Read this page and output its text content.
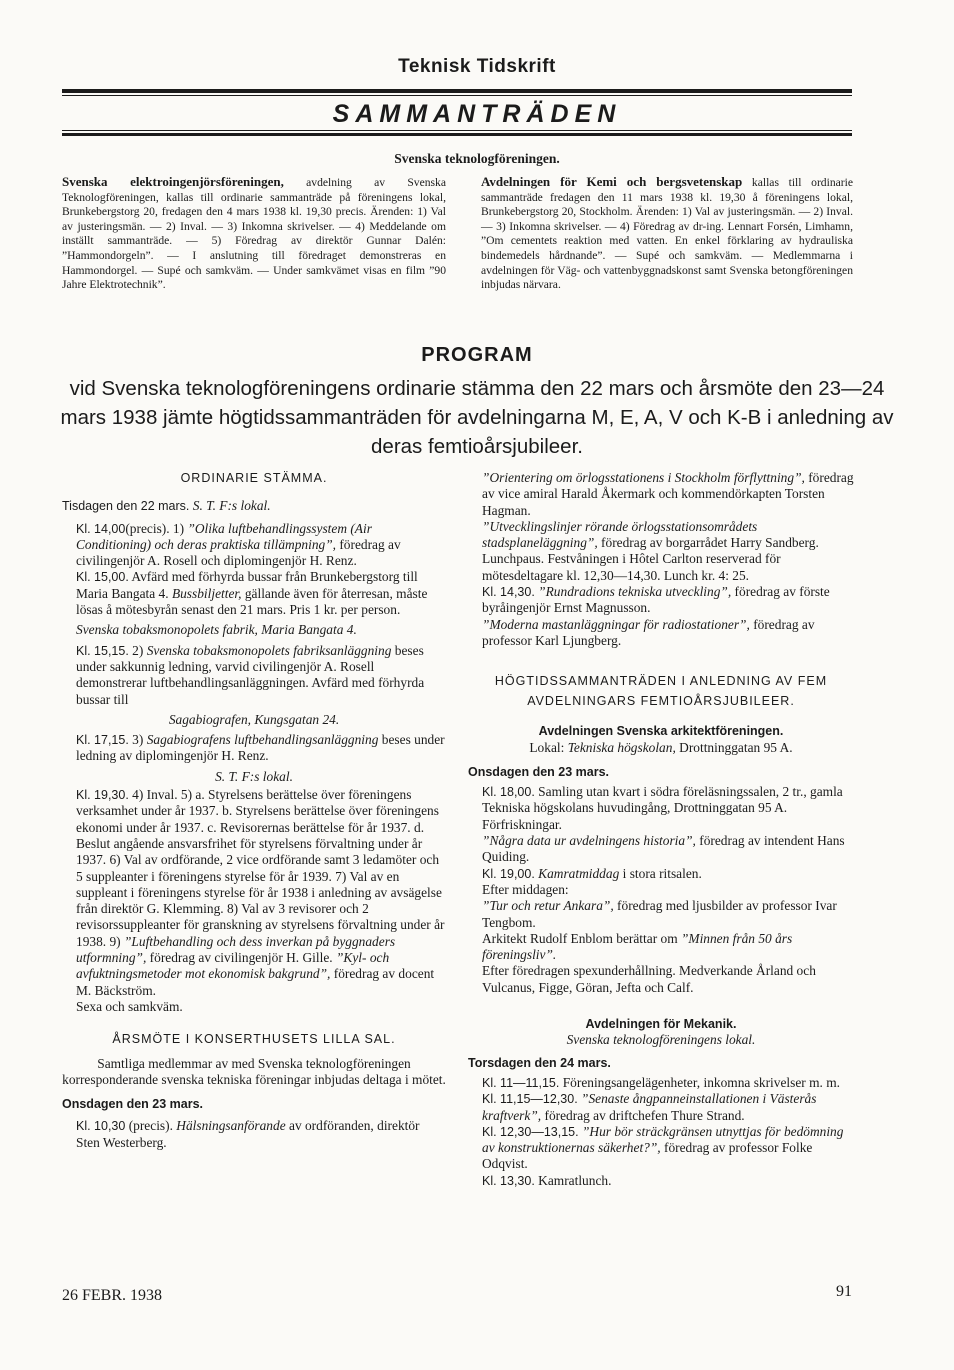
Teknisk Tidskrift
SAMMANTRÄDEN
Svenska teknologföreningen.
Svenska elektroingenjörsföreningen, avdelning av Svenska Teknologföreningen, kallas till ordinarie sammanträde på föreningens lokal, Brunkebergstorg 20, fredagen den 4 mars 1938 kl. 19,30 precis. Ärenden: 1) Val av justeringsmän. — 2) Inval. — 3) Inkomna skrivelser. — 4) Meddelande om inställt sammanträde. — 5) Föredrag av direktör Gunnar Dalén: ”Hammondorgeln”. — I anslutning till föredraget demonstreras en Hammondorgel. — Supé och samkväm. — Under samkvämet visas en film ”90 Jahre Elektrotechnik”.
Avdelningen för Kemi och bergsvetenskap kallas till ordinarie sammanträde fredagen den 11 mars 1938 kl. 19,30 å föreningens lokal, Brunkebergstorg 20, Stockholm. Ärenden: 1) Val av justeringsmän. — 2) Inval. — 3) Inkomna skrivelser. — 4) Föredrag av dr-ing. Lennart Forsén, Limhamn, ”Om cementets reaktion med vatten. En enkel förklaring av hydrauliska bindemedels hårdnande”. — Supé och samkväm. — Medlemmarna i avdelningen för Väg- och vattenbyggnadskonst samt Svenska betongföreningen inbjudas närvara.
PROGRAM
vid Svenska teknologföreningens ordinarie stämma den 22 mars och årsmöte den 23—24 mars 1938 jämte högtidssammanträden för avdelningarna M, E, A, V och K-B i anledning av deras femtioårsjubileer.

ORDINARIE STÄMMA.

Tisdagen den 22 mars. S. T. F:s lokal.

Kl. 14,00(precis). 1) ”Olika luftbehandlingssystem (Air Conditioning) och deras praktiska tillämpning”, föredrag av civilingenjör A. Rosell och diplomingenjör H. Renz.

Kl. 15,00. Avfärd med förhyrda bussar från Brunkebergstorg till Maria Bangata 4. Bussbiljetter, gällande även för återresan, måste lösas å mötesbyrån senast den 21 mars. Pris 1 kr. per person.

Svenska tobaksmonopolets fabrik, Maria Bangata 4.

Kl. 15,15. 2) Svenska tobaksmonopolets fabriksanläggning beses under sakkunnig ledning, varvid civilingenjör A. Rosell demonstrerar luftbehandlingsanläggningen. Avfärd med förhyrda bussar till

Sagabiografen, Kungsgatan 24.

Kl. 17,15. 3) Sagabiografens luftbehandlingsanläggning beses under ledning av diplomingenjör H. Renz.

S. T. F:s lokal.

Kl. 19,30. 4) Inval. 5) a. Styrelsens berättelse över föreningens verksamhet under år 1937. b. Styrelsens berättelse över föreningens ekonomi under år 1937. c. Revisorernas berättelse för år 1937. d. Beslut angående ansvarsfrihet för styrelsens förvaltning under år 1937. 6) Val av ordförande, 2 vice ordförande samt 3 ledamöter och 5 suppleanter i föreningens styrelse för år 1939. 7) Val av en suppleant i föreningens styrelse för år 1938 i anledning av avsägelse från direktör G. Klemming. 8) Val av 3 revisorer och 2 revisorssuppleanter för granskning av styrelsens förvaltning under år 1938. 9) ”Luftbehandling och dess inverkan på byggnaders utformning”, föredrag av civilingenjör H. Gille. ”Kyl- och avfuktningsmetoder mot ekonomisk bakgrund”, föredrag av docent M. Bäckström.

Sexa och samkväm.

ÅRSMÖTE I KONSERTHUSETS LILLA SAL.

Samtliga medlemmar av med Svenska teknologföreningen korresponderande svenska tekniska föreningar inbjudas deltaga i mötet.

Onsdagen den 23 mars.

Kl. 10,30 (precis). Hälsningsanförande av ordföranden, direktör Sten Westerberg.

”Orientering om örlogsstationens i Stockholm förflyttning”, föredrag av vice amiral Harald Åkermark och kommendörkapten Torsten Hagman.

”Utvecklingslinjer rörande örlogsstationsområdets stadsplaneläggning”, föredrag av borgarrådet Harry Sandberg.

Lunchpaus. Festvåningen i Hôtel Carlton reserverad för mötesdeltagare kl. 12,30—14,30. Lunch kr. 4: 25.

Kl. 14,30. ”Rundradions tekniska utveckling”, föredrag av förste byråingenjör Ernst Magnusson.

”Moderna mastanläggningar för radiostationer”, föredrag av professor Karl Ljungberg.

HÖGTIDSSAMMANTRÄDEN I ANLEDNING AV FEM AVDELNINGARS FEMTIOÅRSJUBILEER.

Avdelningen Svenska arkitektföreningen.

Lokal: Tekniska högskolan, Drottninggatan 95 A.

Onsdagen den 23 mars.

Kl. 18,00. Samling utan kvart i södra föreläsningssalen, 2 tr., gamla Tekniska högskolans huvudingång, Drottninggatan 95 A.

Förfriskningar.

”Några data ur avdelningens historia”, föredrag av intendent Hans Quiding.

Kl. 19,00. Kamratmiddag i stora ritsalen.

Efter middagen:

”Tur och retur Ankara”, föredrag med ljusbilder av professor Ivar Tengbom.

Arkitekt Rudolf Enblom berättar om ”Minnen från 50 års föreningsliv”.

Efter föredragen spexunderhållning. Medverkande Årland och Vulcanus, Figge, Göran, Jefta och Calf.

Avdelningen för Mekanik.

Svenska teknologföreningens lokal.

Torsdagen den 24 mars.

Kl. 11—11,15. Föreningsangelägenheter, inkomna skrivelser m. m.

Kl. 11,15—12,30. ”Senaste ångpanneinstallationen i Västerås kraftverk”, föredrag av driftchefen Thure Strand.

Kl. 12,30—13,15. ”Hur bör sträckgränsen utnyttjas för bedömning av konstruktionernas säkerhet?”, föredrag av professor Folke Odqvist.

Kl. 13,30. Kamratlunch.

26 FEBR. 1938	91
